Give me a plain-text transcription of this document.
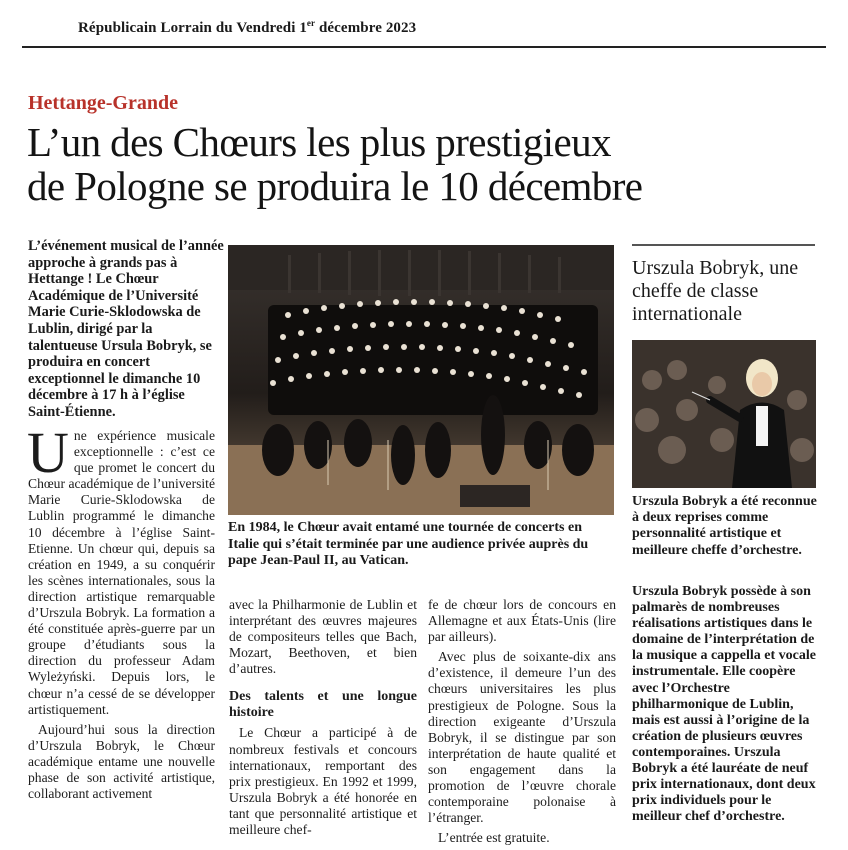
Républicain Lorrain du Vendredi 1er décembre 2023
Hettange-Grande
L’un des Chœurs les plus prestigieux
de Pologne se produira le 10 décembre
L’événement musical de l’année approche à grands pas à Hettange ! Le Chœur Académique de l’Université Marie Curie-Sklodowska de Lublin, dirigé par la talentueuse Ursula Bobryk, se produira en concert exceptionnel le dimanche 10 décembre à 17 h à l’église Saint-Étienne.

Une expérience musicale exceptionnelle : c’est ce que promet le concert du Chœur académique de l’université Marie Curie-Sklodowska de Lublin programmé le dimanche 10 décembre à l’église Saint-Etienne. Un chœur qui, depuis sa création en 1949, a su conquérir les scènes internationales, sous la direction artistique remarquable d’Urszula Bobryk. La formation a été constituée après-guerre par un groupe d’étudiants sous la direction du professeur Adam Wyleżyński. Depuis lors, le chœur n’a cessé de se développer artistiquement.

Aujourd’hui sous la direction d’Urszula Bobryk, le Chœur académique entame une nouvelle phase de son activité artistique, collaborant activement

En 1984, le Chœur avait entamé une tournée de concerts en Italie qui s’était terminée par une audience privée auprès du pape Jean-Paul II, au Vatican.

avec la Philharmonie de Lublin et interprétant des œuvres majeures de compositeurs telles que Bach, Mozart, Beethoven, et bien d’autres.

Des talents et une longue histoire

Le Chœur a participé à de nombreux festivals et concours internationaux, remportant des prix prestigieux. En 1992 et 1999, Urszula Bobryk a été honorée en tant que personnalité artistique et meilleure chef-

fe de chœur lors de concours en Allemagne et aux États-Unis (lire par ailleurs).

Avec plus de soixante-dix ans d’existence, il demeure l’un des chœurs universitaires les plus prestigieux de Pologne. Sous la direction exigeante d’Urszula Bobryk, il se distingue par son interprétation de haute qualité et son engagement dans la promotion de l’œuvre chorale contemporaine polonaise à l’étranger.

L’entrée est gratuite.

Urszula Bobryk, une cheffe de classe internationale
Urszula Bobryk a été reconnue à deux reprises comme personnalité artistique et meilleure cheffe d’orchestre.
Urszula Bobryk possède à son palmarès de nombreuses réalisations artistiques dans le domaine de l’interprétation de la musique a cappella et vocale instrumentale. Elle coopère avec l’Orchestre philharmonique de Lublin, mais est aussi à l’origine de la création de plusieurs œuvres contemporaines. Urszula Bobryk a été lauréate de neuf prix internationaux, dont deux prix individuels pour le meilleur chef d’orchestre.
